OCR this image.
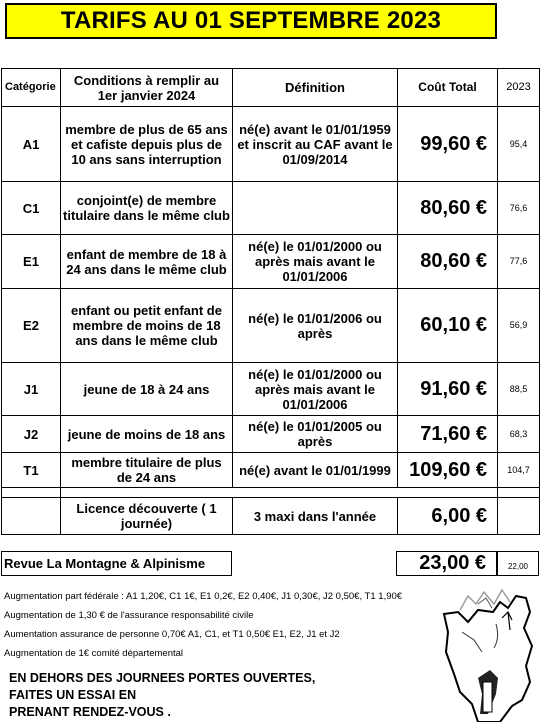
TARIFS AU 01 SEPTEMBRE 2023
Catégorie	Conditions à remplir au 1er janvier 2024	Définition	Coût Total	2023
A1	membre de plus de 65 ans et cafiste depuis plus de 10 ans sans interruption	né(e) avant le 01/01/1959 et inscrit au CAF avant le 01/09/2014	99,60 €	95,4
C1	conjoint(e) de membre titulaire dans le même club		80,60 €	76,6
E1	enfant de membre de 18 à 24 ans dans le même club	né(e) le 01/01/2000 ou après mais avant le 01/01/2006	80,60 €	77,6
E2	enfant ou petit enfant de membre de moins de 18 ans dans le même club	né(e) le 01/01/2006 ou après	60,10 €	56,9
J1	jeune de 18 à 24 ans	né(e) le 01/01/2000 ou après mais avant le 01/01/2006	91,60 €	88,5
J2	jeune de moins de 18 ans	né(e) le 01/01/2005 ou après	71,60 €	68,3
T1	membre titulaire de plus de 24 ans	né(e) avant le 01/01/1999	109,60 €	104,7

	Licence découverte ( 1 journée)	3 maxi dans l'année	6,00 €	
Revue La Montagne & Alpinisme	23,00 €	22,00
Augmentation part fédérale : A1 1,20€, C1 1€, E1 0,2€, E2 0,40€, J1 0,30€, J2 0,50€, T1 1,90€
Augmentation de 1,30 € de l'assurance responsabilité civile
Aumentation assurance de personne 0,70€ A1, C1, et T1 0,50€ E1, E2, J1 et J2
Augmentation de 1€ comité départemental
EN DEHORS DES JOURNEES PORTES OUVERTES,
FAITES UN ESSAI EN
PRENANT RENDEZ-VOUS .
